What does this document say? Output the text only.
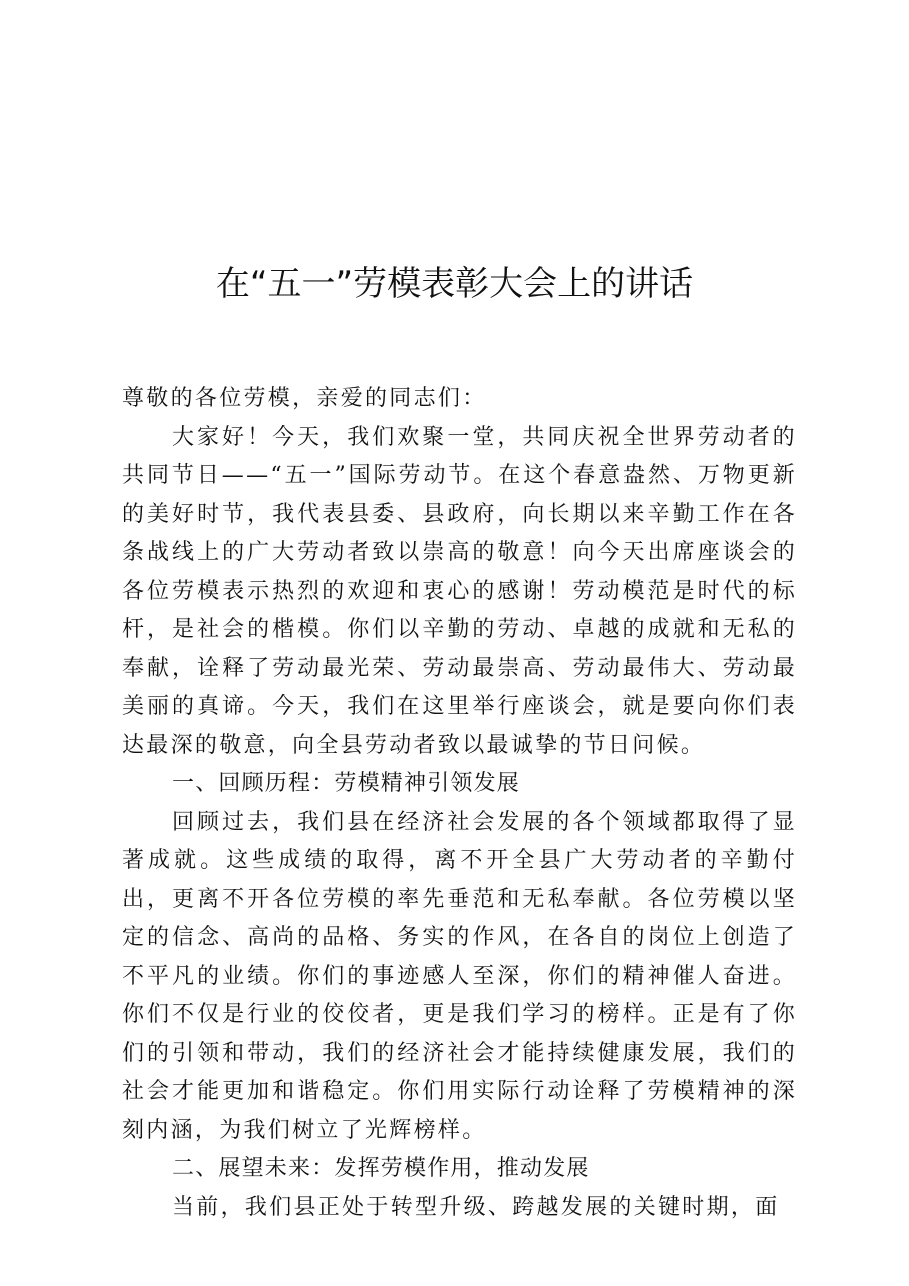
在“五一”劳模表彰大会上的讲话

尊敬的各位劳模，亲爱的同志们：

大家好！今天，我们欢聚一堂，共同庆祝全世界劳动者的共同节日——“五一”国际劳动节。在这个春意盎然、万物更新的美好时节，我代表县委、县政府，向长期以来辛勤工作在各条战线上的广大劳动者致以崇高的敬意！向今天出席座谈会的各位劳模表示热烈的欢迎和衷心的感谢！劳动模范是时代的标杆，是社会的楷模。你们以辛勤的劳动、卓越的成就和无私的奉献，诠释了劳动最光荣、劳动最崇高、劳动最伟大、劳动最美丽的真谛。今天，我们在这里举行座谈会，就是要向你们表达最深的敬意，向全县劳动者致以最诚挚的节日问候。

一、回顾历程：劳模精神引领发展

回顾过去，我们县在经济社会发展的各个领域都取得了显著成就。这些成绩的取得，离不开全县广大劳动者的辛勤付出，更离不开各位劳模的率先垂范和无私奉献。各位劳模以坚定的信念、高尚的品格、务实的作风，在各自的岗位上创造了不平凡的业绩。你们的事迹感人至深，你们的精神催人奋进。你们不仅是行业的佼佼者，更是我们学习的榜样。正是有了你们的引领和带动，我们的经济社会才能持续健康发展，我们的社会才能更加和谐稳定。你们用实际行动诠释了劳模精神的深刻内涵，为我们树立了光辉榜样。

二、展望未来：发挥劳模作用，推动发展

当前，我们县正处于转型升级、跨越发展的关键时期，面
